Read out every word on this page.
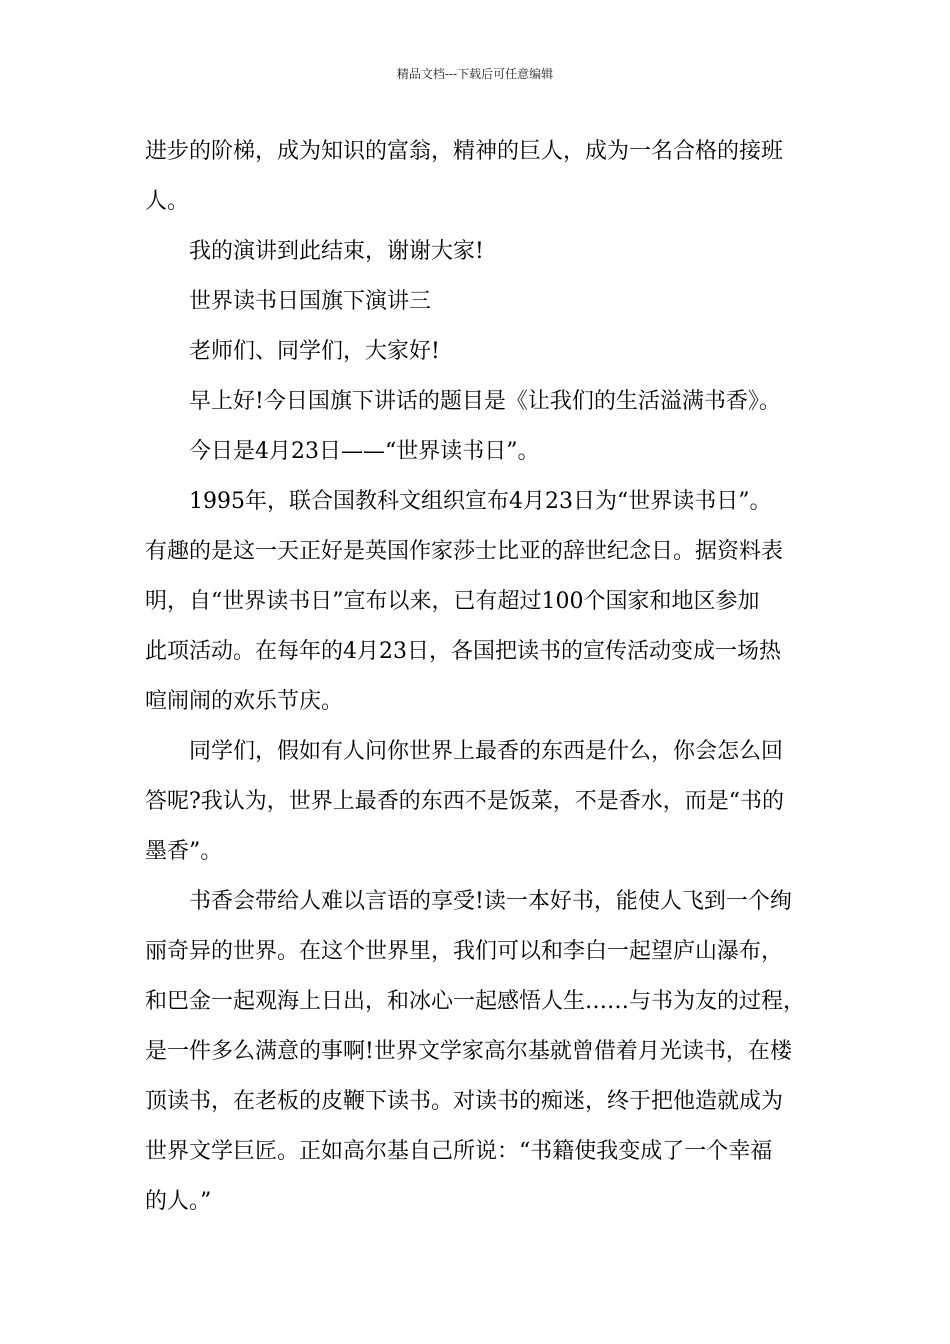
精品文档---下载后可任意编辑

进步的阶梯，成为知识的富翁，精神的巨人，成为一名合格的接班

人。

我的演讲到此结束，谢谢大家!

世界读书日国旗下演讲三

老师们、同学们，大家好!

早上好!今日国旗下讲话的题目是《让我们的生活溢满书香》。

今日是4月23日——“世界读书日”。

1995年，联合国教科文组织宣布4月23日为“世界读书日”。

有趣的是这一天正好是英国作家莎士比亚的辞世纪念日。据资料表

明，自“世界读书日”宣布以来，已有超过100个国家和地区参加

此项活动。在每年的4月23日，各国把读书的宣传活动变成一场热

喧闹闹的欢乐节庆。

同学们，假如有人问你世界上最香的东西是什么，你会怎么回

答呢?我认为，世界上最香的东西不是饭菜，不是香水，而是“书的

墨香”。

书香会带给人难以言语的享受!读一本好书，能使人飞到一个绚

丽奇异的世界。在这个世界里，我们可以和李白一起望庐山瀑布，

和巴金一起观海上日出，和冰心一起感悟人生……与书为友的过程，

是一件多么满意的事啊!世界文学家高尔基就曾借着月光读书，在楼

顶读书，在老板的皮鞭下读书。对读书的痴迷，终于把他造就成为

世界文学巨匠。正如高尔基自己所说：“书籍使我变成了一个幸福

的人。”
